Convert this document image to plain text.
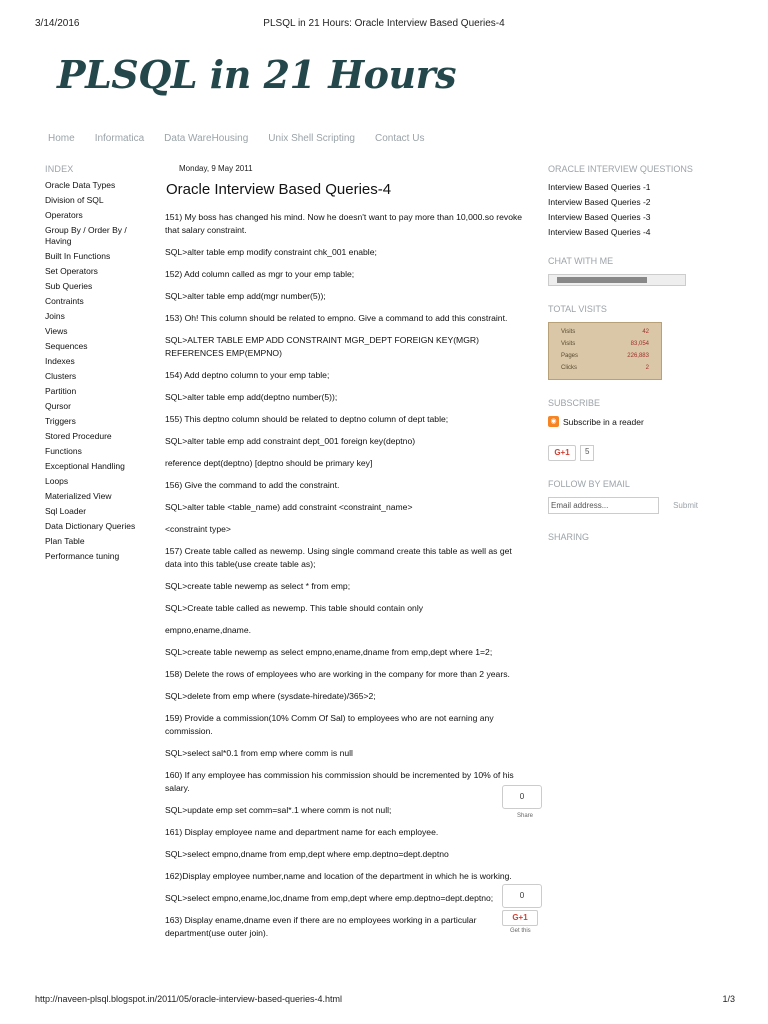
3/14/2016	PLSQL in 21 Hours: Oracle Interview Based Queries-4
PLSQL in 21 Hours
Home Informatica Data WareHousing Unix Shell Scripting Contact Us
INDEX
Oracle Data Types
Division of SQL
Operators
Group By / Order By / Having
Built In Functions
Set Operators
Sub Queries
Contraints
Joins
Views
Sequences
Indexes
Clusters
Partition
Qursor
Triggers
Stored Procedure
Functions
Exceptional Handling
Loops
Materialized View
Sql Loader
Data Dictionary Queries
Plan Table
Performance tuning
Monday, 9 May 2011
Oracle Interview Based Queries-4

151) My boss has changed his mind. Now he doesn't want to pay more than 10,000.so revoke that salary constraint.

SQL>alter table emp modify constraint chk_001 enable;

152) Add column called as mgr to your emp table;

SQL>alter table emp add(mgr number(5));

153) Oh! This column should be related to empno. Give a command to add this constraint.

SQL>ALTER TABLE EMP ADD CONSTRAINT MGR_DEPT FOREIGN KEY(MGR) REFERENCES EMP(EMPNO)

154) Add deptno column to your emp table;

SQL>alter table emp add(deptno number(5));

155) This deptno column should be related to deptno column of dept table;

SQL>alter table emp add constraint dept_001 foreign key(deptno)

reference dept(deptno) [deptno should be primary key]

156) Give the command to add the constraint.

SQL>alter table <table_name) add constraint <constraint_name>

<constraint type>

157) Create table called as newemp. Using single command create this table as well as get data into this table(use create table as);

SQL>create table newemp as select * from emp;

SQL>Create table called as newemp. This table should contain only

empno,ename,dname.

SQL>create table newemp as select empno,ename,dname from emp,dept where 1=2;

158) Delete the rows of employees who are working in the company for more than 2 years.

SQL>delete from emp where (sysdate-hiredate)/365>2;

159) Provide a commission(10% Comm Of Sal) to employees who are not earning any commission.

SQL>select sal*0.1 from emp where comm is null

160) If any employee has commission his commission should be incremented by 10% of his salary.

SQL>update emp set comm=sal*.1 where comm is not null;

161) Display employee name and department name for each employee.

SQL>select empno,dname from emp,dept where emp.deptno=dept.deptno

162)Display employee number,name and location of the department in which he is working.

SQL>select empno,ename,loc,dname from emp,dept where emp.deptno=dept.deptno;

163) Display ename,dname even if there are no employees working in a particular department(use outer join).

0
Share
0
G+1
Get this
ORACLE INTERVIEW QUESTIONS
Interview Based Queries -1
Interview Based Queries -2
Interview Based Queries -3
Interview Based Queries -4
CHAT WITH ME
TOTAL VISITS
Visits	42
Visits	83,054
Pages	226,883
Clicks	2
SUBSCRIBE
◉ Subscribe in a reader
G+1	5
FOLLOW BY EMAIL
Email address...	Submit
SHARING
http://naveen-plsql.blogspot.in/2011/05/oracle-interview-based-queries-4.html	1/3
